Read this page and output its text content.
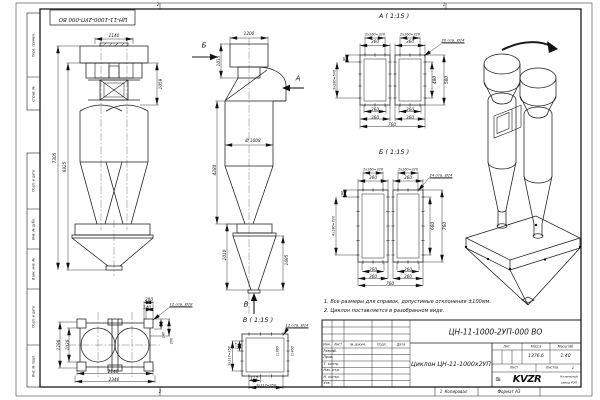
1140
1059
6925
7305
1200
1015
Ø 1008
4280
2010	1695
2x160=320	2x160=320
360	360	20 отв. Ø14
90
3x180=540	480 580
260	260
360	360
760
2x160=320	2x160=320
360	360	24 отв. Ø14
180
4x180=720	660 760
260	260
360	360
760
200
140
12 отв. Ø18
140
200
1296 1036
2146
2346
12 отв. Ø14
117
3x117=350
117
3x117=350	□380	□460
ЦН-11-1000-2УП-000 ВО
Перв. примен.
Справ. №
Подп. и дата
Инв. № дубл.
Взам. инв. №
Подп. и дата
Инв. № подл.
2	1
2	1 Копировал	Формат А3
А ( 1:15 )
Б ( 1:15 )
В ( 1:15 )
Б
А
В	1. Все размеры для справок, допустимые отклонения ±100мм.
2. Циклон поставляется в разобранном виде.
ЦН-11-1000-2УП-000 ВО
Циклон ЦН-11-1000х2УП
Изм. Лист	№ докум.	Подп.	Дата
Разраб.
Пров.
Т. контр.
Нач. отд.
Н. контр.
Утв.
Лит.	Масса	Масштаб
1376,6	1:40
Лист	Листов	1
≋ KVZR	Котельный
завод РЭП
